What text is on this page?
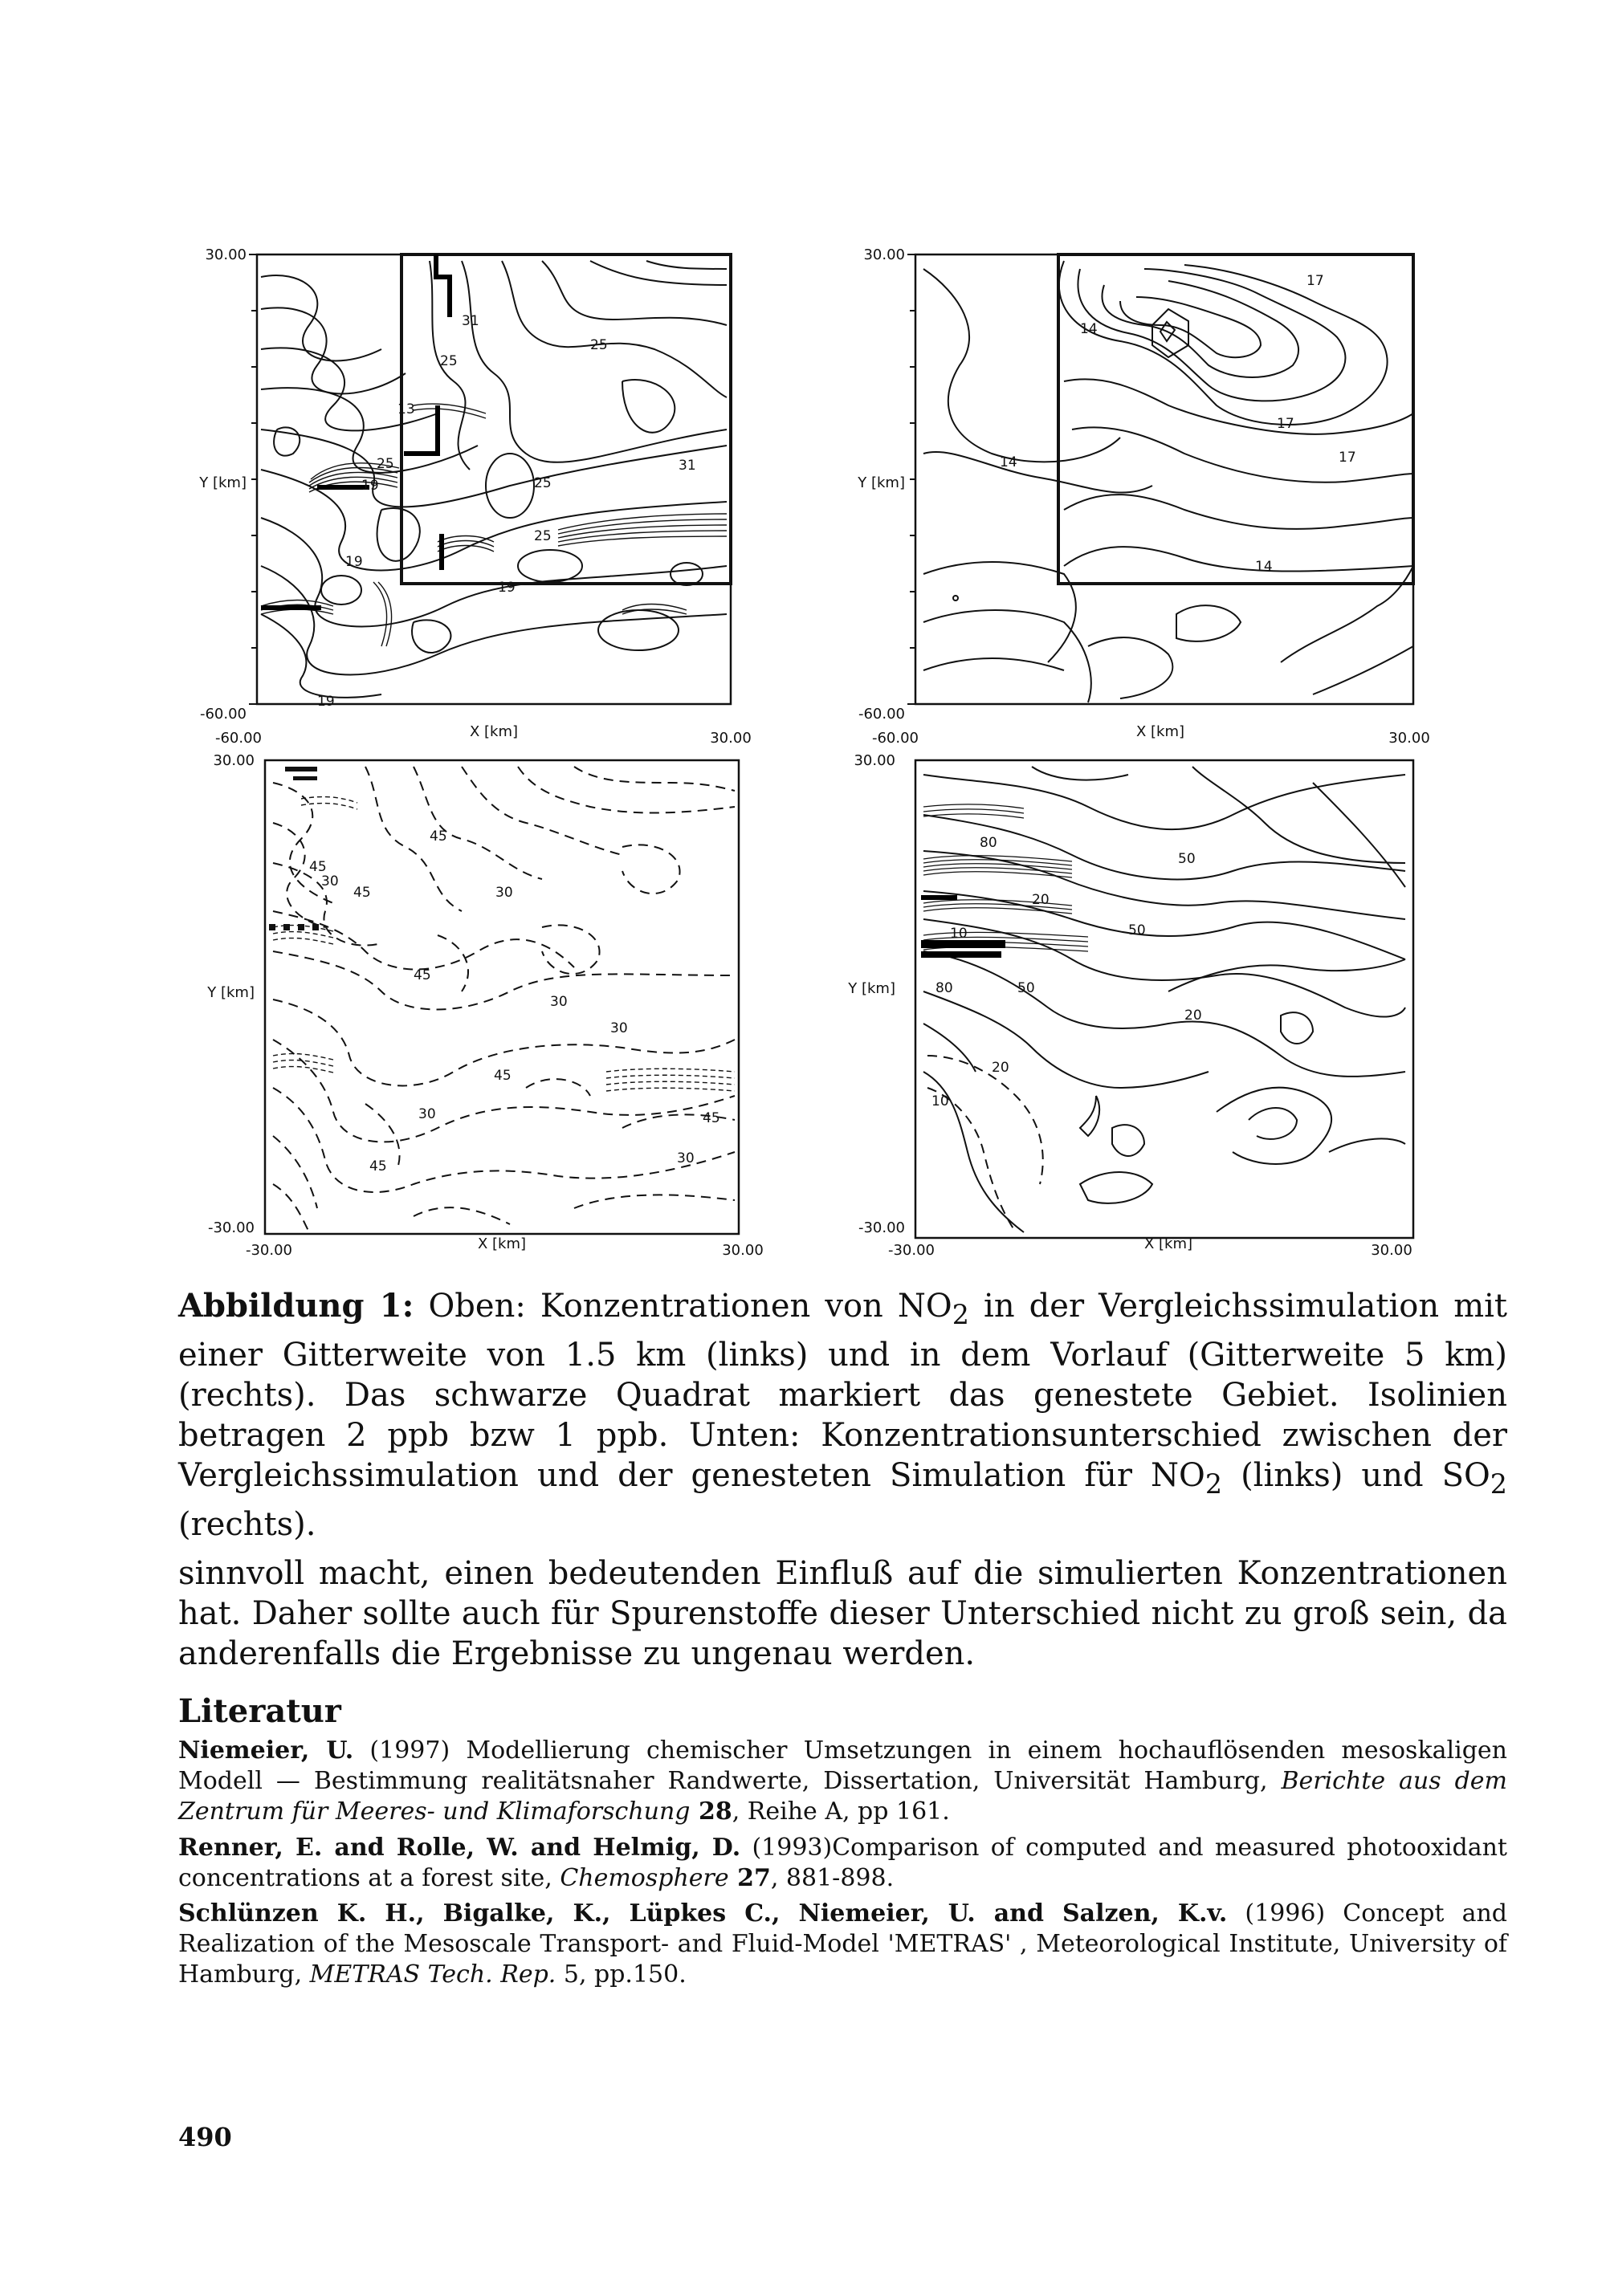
13
25
31
25
19	25
25
31
25
19
19
19
30.00
Y [km]
-60.00
-60.00	X [km]	30.00
17
14
17
14	17
14
30.00
Y [km]
-60.00
-60.00	X [km]	30.00
45
30
45
45
30
45
30
30
45
30	45
45	30
30.00
Y [km]
-30.00
-30.00	X [km]	30.00
80
50
20
10	50
80	50
20
20
10
30.00
Y [km]
-30.00
-30.00	X [km]	30.00
Abbildung 1: Oben: Konzentrationen von $NO_2$ in der Vergleichssimulation mit einer Gitterweite von 1.5 km (links) und in dem Vorlauf (Gitterweite 5 km) (rechts). Das schwarze Quadrat markiert das genestete Gebiet. Isolinien betragen 2 ppb bzw 1 ppb. Unten: Konzentrationsunterschied zwischen der Vergleichssimulation und der genesteten Simulation für $NO_2$ (links) und $SO_2$ (rechts).
sinnvoll macht, einen bedeutenden Einfluß auf die simulierten Konzentrationen hat. Daher sollte auch für Spurenstoffe dieser Unterschied nicht zu groß sein, da anderenfalls die Ergebnisse zu ungenau werden.
Literatur
Niemeier, U. (1997) Modellierung chemischer Umsetzungen in einem hochauflösenden mesoskaligen Modell — Bestimmung realitätsnaher Randwerte, Dissertation, Universität Hamburg, Berichte aus dem Zentrum für Meeres- und Klimaforschung 28, Reihe A, pp 161.
Renner, E. and Rolle, W. and Helmig, D. (1993)Comparison of computed and measured photooxidant concentrations at a forest site, Chemosphere 27, 881-898.
Schlünzen K. H., Bigalke, K., Lüpkes C., Niemeier, U. and Salzen, K.v. (1996) Concept and Realization of the Mesoscale Transport- and Fluid-Model 'METRAS' , Meteorological Institute, University of Hamburg, METRAS Tech. Rep. 5, pp.150.
490
